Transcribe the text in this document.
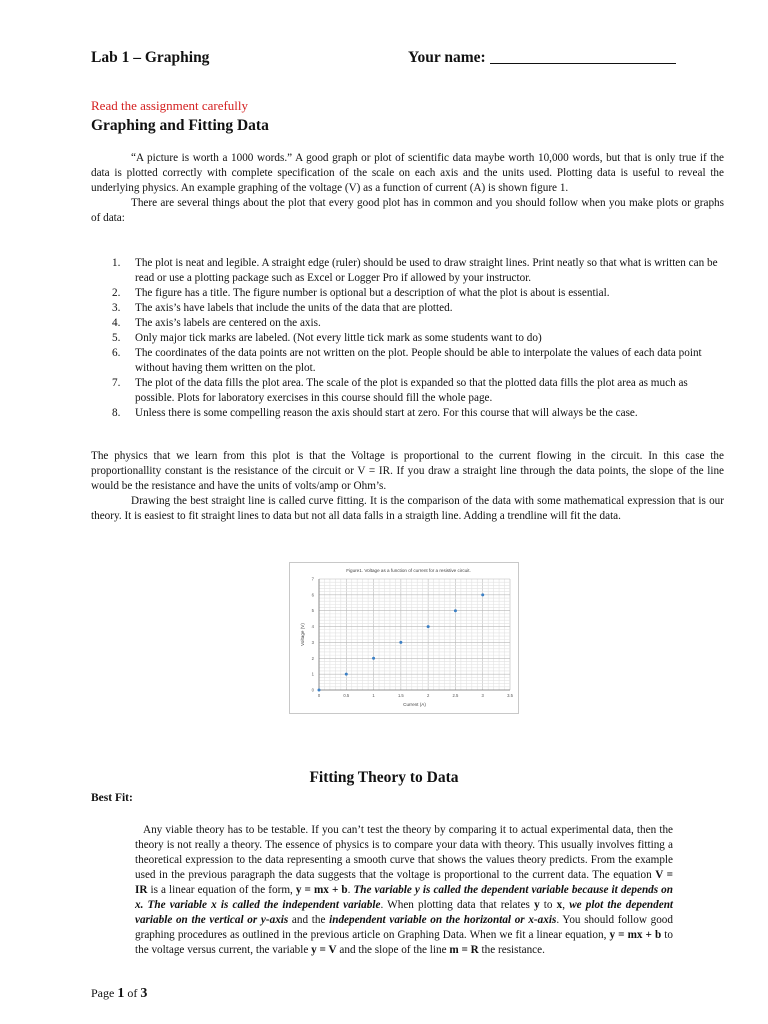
Lab 1 – Graphing	Your name:
Read the assignment carefully
Graphing and Fitting Data

“A picture is worth a 1000 words.” A good graph or plot of scientific data maybe worth 10,000 words, but that is only true if the data is plotted correctly with complete specification of the scale on each axis and the units used. Plotting data is useful to reveal the underlying physics. An example graphing of the voltage (V) as a function of current (A) is shown figure 1.

There are several things about the plot that every good plot has in common and you should follow when you make plots or graphs of data:

1. The plot is neat and legible. A straight edge (ruler) should be used to draw straight lines. Print neatly so that what is written can be read or use a plotting package such as Excel or Logger Pro if allowed by your instructor.
2. The figure has a title. The figure number is optional but a description of what the plot is about is essential.
3. The axis’s have labels that include the units of the data that are plotted.
4. The axis’s labels are centered on the axis.
5. Only major tick marks are labeled. (Not every little tick mark as some students want to do)
6. The coordinates of the data points are not written on the plot. People should be able to interpolate the values of each data point without having them written on the plot.
7. The plot of the data fills the plot area. The scale of the plot is expanded so that the plotted data fills the plot area as much as possible. Plots for laboratory exercises in this course should fill the whole page.
8. Unless there is some compelling reason the axis should start at zero. For this course that will always be the case.

The physics that we learn from this plot is that the Voltage is proportional to the current flowing in the circuit. In this case the proportionallity constant is the resistance of the circuit or V = IR. If you draw a straight line through the data points, the slope of the line would be the resistance and have the units of volts/amp or Ohm’s.

Drawing the best straight line is called curve fitting. It is the comparison of the data with some mathematical expression that is our theory. It is easiest to fit straight lines to data but not all data falls in a straigth line. Adding a trendline will fit the data.

Figure1. Voltage as a function of current for a resistive circuit.
0	0.5	1	1.5	2	2.5	3	3.5
0
1
2
3
4
5
6
7
Current (A)
Voltage (V)
Fitting Theory to Data
Best Fit:
Any viable theory has to be testable. If you can’t test the theory by comparing it to actual experimental data, then the theory is not really a theory. The essence of physics is to compare your data with theory. This usually involves fitting a theoretical expression to the data representing a smooth curve that shows the values theory predicts. From the example used in the previous paragraph the data suggests that the voltage is proportional to the current data. The equation V = IR is a linear equation of the form, y = mx + b. The variable y is called the dependent variable because it depends on x. The variable x is called the independent variable. When plotting data that relates y to x, we plot the dependent variable on the vertical or y-axis and the independent variable on the horizontal or x-axis. You should follow good graphing procedures as outlined in the previous article on Graphing Data. When we fit a linear equation, y = mx + b to the voltage versus current, the variable y = V and the slope of the line m = R the resistance.
Page 1 of 3
